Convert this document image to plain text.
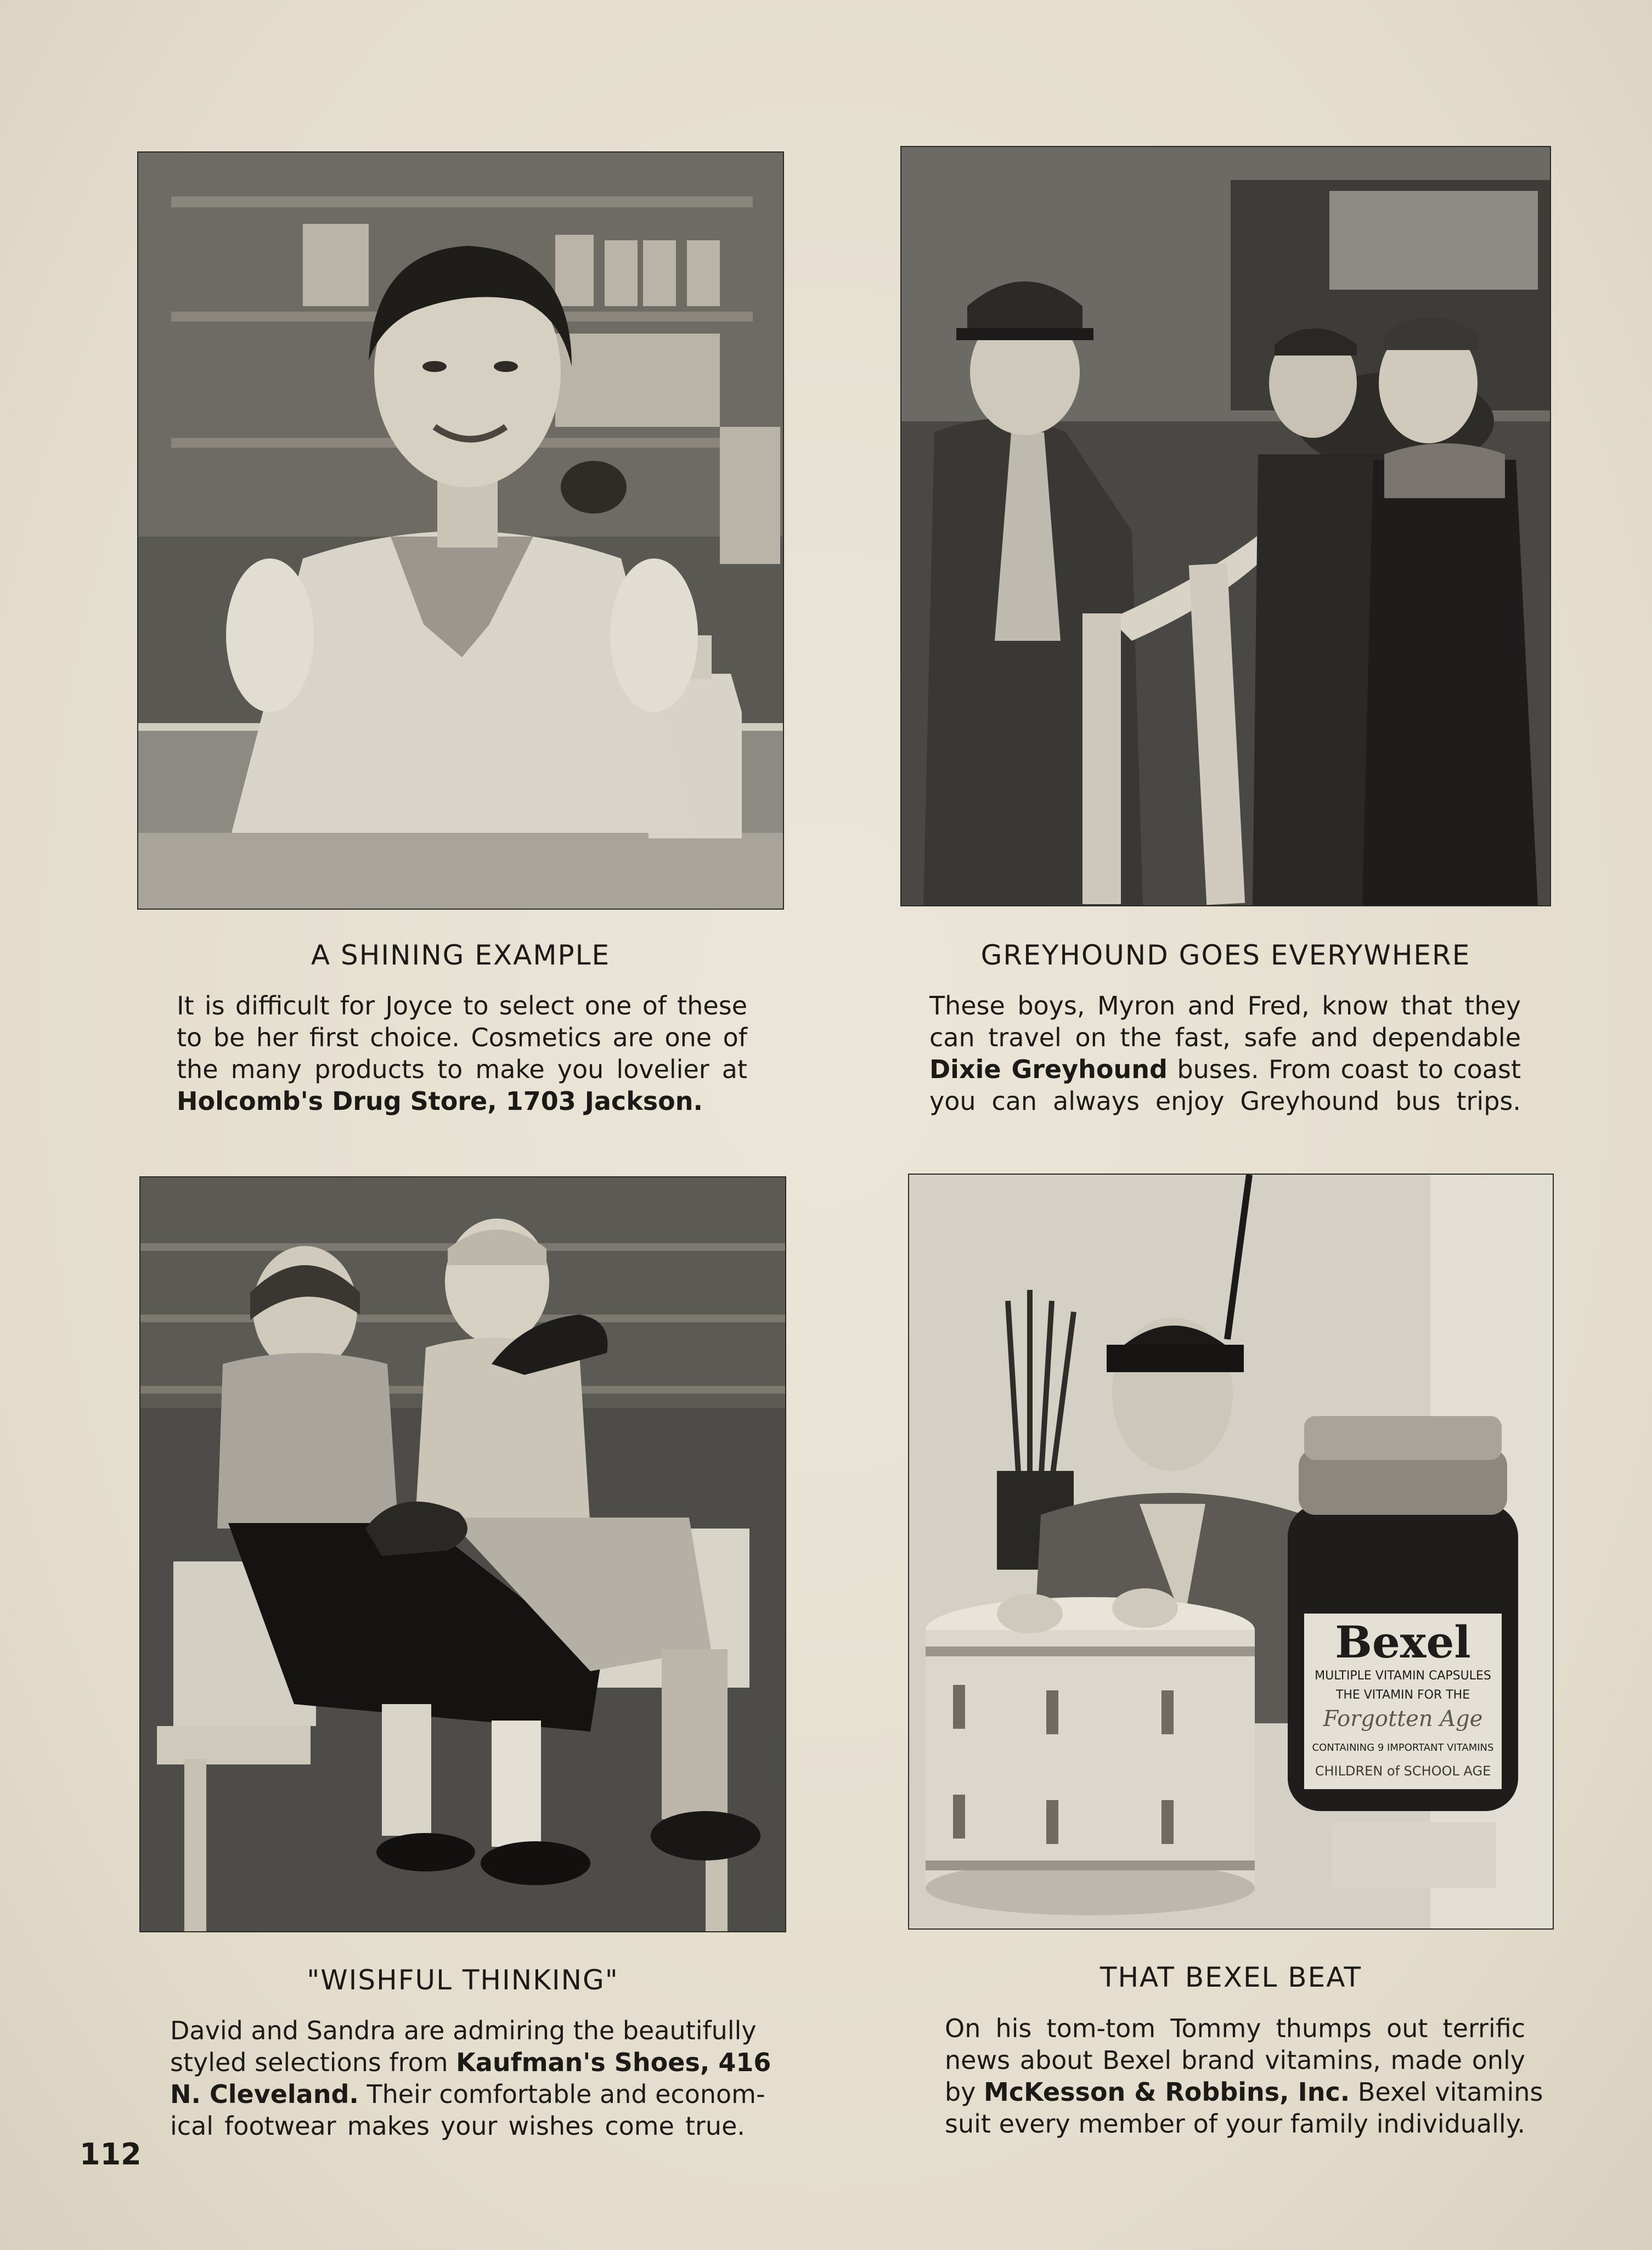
A SHINING EXAMPLE
It is difficult for Joyce to select one of these
to be her first choice. Cosmetics are one of
the many products to make you lovelier at
Holcomb's Drug Store, 1703 Jackson.
GREYHOUND GOES EVERYWHERE
These boys, Myron and Fred, know that they
can travel on the fast, safe and dependable
Dixie Greyhound buses. From coast to coast
you can always enjoy Greyhound bus trips.
"WISHFUL THINKING"
David and Sandra are admiring the beautifully
styled selections from Kaufman's Shoes, 416
N. Cleveland. Their comfortable and econom-
ical footwear makes your wishes come true.
Bexel
MULTIPLE VITAMIN CAPSULES
THE VITAMIN FOR THE
Forgotten Age
CONTAINING 9 IMPORTANT VITAMINS
CHILDREN of SCHOOL AGE
THAT BEXEL BEAT
On his tom-tom Tommy thumps out terrific
news about Bexel brand vitamins, made only
by McKesson & Robbins, Inc. Bexel vitamins
suit every member of your family individually.
112
